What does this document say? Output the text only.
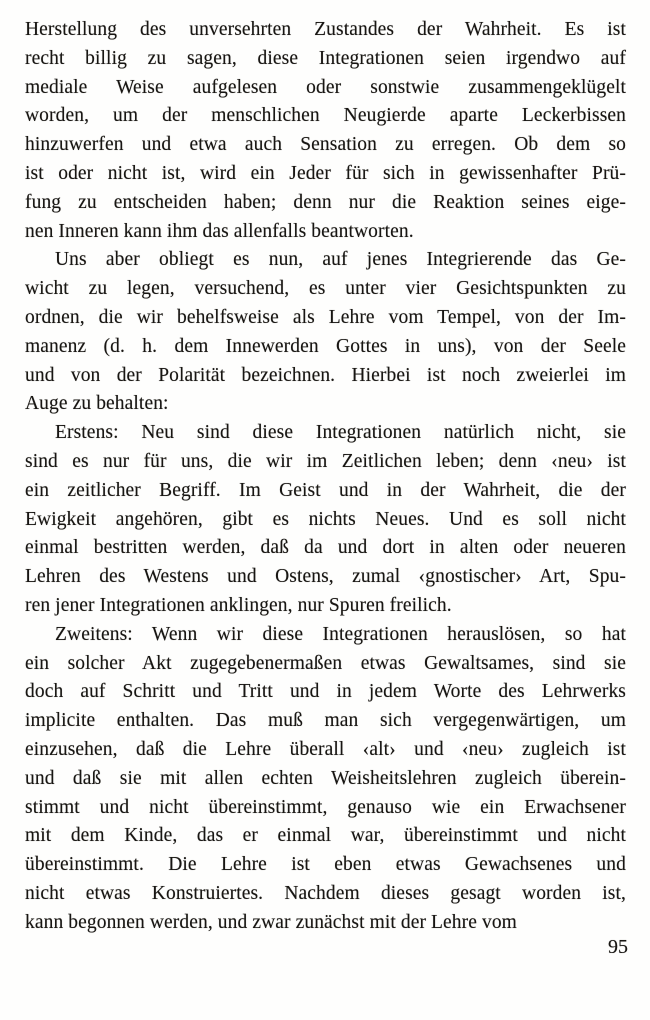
Herstellung des unversehrten Zustandes der Wahrheit. Es ist
recht billig zu sagen, diese Integrationen seien irgendwo auf
mediale Weise aufgelesen oder sonstwie zusammengeklügelt
worden, um der menschlichen Neugierde aparte Leckerbissen
hinzuwerfen und etwa auch Sensation zu erregen. Ob dem so
ist oder nicht ist, wird ein Jeder für sich in gewissenhafter Prü-
fung zu entscheiden haben; denn nur die Reaktion seines eige-
nen Inneren kann ihm das allenfalls beantworten.
Uns aber obliegt es nun, auf jenes Integrierende das Ge-
wicht zu legen, versuchend, es unter vier Gesichtspunkten zu
ordnen, die wir behelfsweise als Lehre vom Tempel, von der Im-
manenz (d. h. dem Innewerden Gottes in uns), von der Seele
und von der Polarität bezeichnen. Hierbei ist noch zweierlei im
Auge zu behalten:
Erstens: Neu sind diese Integrationen natürlich nicht, sie
sind es nur für uns, die wir im Zeitlichen leben; denn ‹neu› ist
ein zeitlicher Begriff. Im Geist und in der Wahrheit, die der
Ewigkeit angehören, gibt es nichts Neues. Und es soll nicht
einmal bestritten werden, daß da und dort in alten oder neueren
Lehren des Westens und Ostens, zumal ‹gnostischer› Art, Spu-
ren jener Integrationen anklingen, nur Spuren freilich.
Zweitens: Wenn wir diese Integrationen herauslösen, so hat
ein solcher Akt zugegebenermaßen etwas Gewaltsames, sind sie
doch auf Schritt und Tritt und in jedem Worte des Lehrwerks
implicite enthalten. Das muß man sich vergegenwärtigen, um
einzusehen, daß die Lehre überall ‹alt› und ‹neu› zugleich ist
und daß sie mit allen echten Weisheitslehren zugleich überein-
stimmt und nicht übereinstimmt, genauso wie ein Erwachsener
mit dem Kinde, das er einmal war, übereinstimmt und nicht
übereinstimmt. Die Lehre ist eben etwas Gewachsenes und
nicht etwas Konstruiertes. Nachdem dieses gesagt worden ist,
kann begonnen werden, und zwar zunächst mit der Lehre vom
95
